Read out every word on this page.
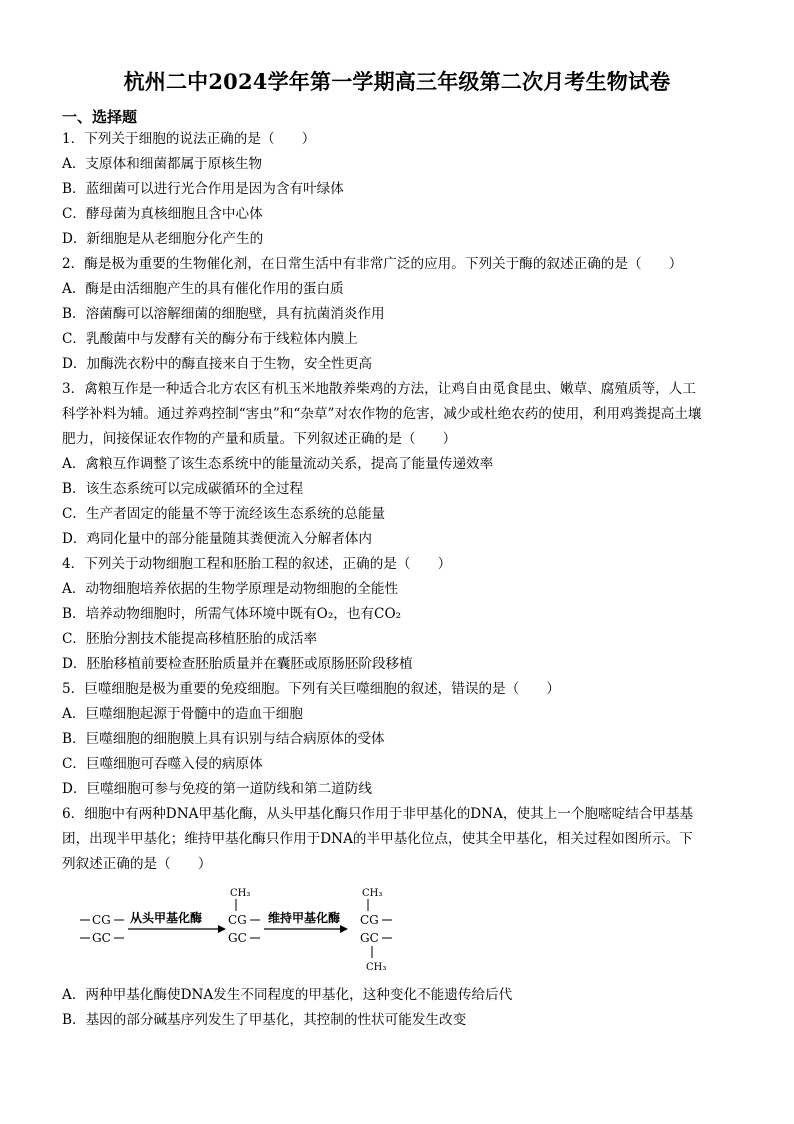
杭州二中2024学年第一学期高三年级第二次月考生物试卷
一、选择题
1．下列关于细胞的说法正确的是（　　）
A．支原体和细菌都属于原核生物
B．蓝细菌可以进行光合作用是因为含有叶绿体
C．酵母菌为真核细胞且含中心体
D．新细胞是从老细胞分化产生的
2．酶是极为重要的生物催化剂，在日常生活中有非常广泛的应用。下列关于酶的叙述正确的是（　　）
A．酶是由活细胞产生的具有催化作用的蛋白质
B．溶菌酶可以溶解细菌的细胞壁，具有抗菌消炎作用
C．乳酸菌中与发酵有关的酶分布于线粒体内膜上
D．加酶洗衣粉中的酶直接来自于生物，安全性更高
3．禽粮互作是一种适合北方农区有机玉米地散养柴鸡的方法，让鸡自由觅食昆虫、嫩草、腐殖质等，人工
科学补料为辅。通过养鸡控制“害虫”和“杂草”对农作物的危害，减少或杜绝农药的使用，利用鸡粪提高土壤
肥力，间接保证农作物的产量和质量。下列叙述正确的是（　　）
A．禽粮互作调整了该生态系统中的能量流动关系，提高了能量传递效率
B．该生态系统可以完成碳循环的全过程
C．生产者固定的能量不等于流经该生态系统的总能量
D．鸡同化量中的部分能量随其粪便流入分解者体内
4．下列关于动物细胞工程和胚胎工程的叙述，正确的是（　　）
A．动物细胞培养依据的生物学原理是动物细胞的全能性
B．培养动物细胞时，所需气体环境中既有O₂，也有CO₂
C．胚胎分割技术能提高移植胚胎的成活率
D．胚胎移植前要检查胚胎质量并在囊胚或原肠胚阶段移植
5．巨噬细胞是极为重要的免疫细胞。下列有关巨噬细胞的叙述，错误的是（　　）
A．巨噬细胞起源于骨髓中的造血干细胞
B．巨噬细胞的细胞膜上具有识别与结合病原体的受体
C．巨噬细胞可吞噬入侵的病原体
D．巨噬细胞可参与免疫的第一道防线和第二道防线
6．细胞中有两种DNA甲基化酶，从头甲基化酶只作用于非甲基化的DNA，使其上一个胞嘧啶结合甲基基
团，出现半甲基化；维持甲基化酶只作用于DNA的半甲基化位点，使其全甲基化，相关过程如图所示。下
列叙述正确的是（　　）
CG
GC
从头甲基化酶
CH₃
CG
GC
维持甲基化酶
CH₃
CG
GC
CH₃
A．两种甲基化酶使DNA发生不同程度的甲基化，这种变化不能遗传给后代
B．基因的部分碱基序列发生了甲基化，其控制的性状可能发生改变
